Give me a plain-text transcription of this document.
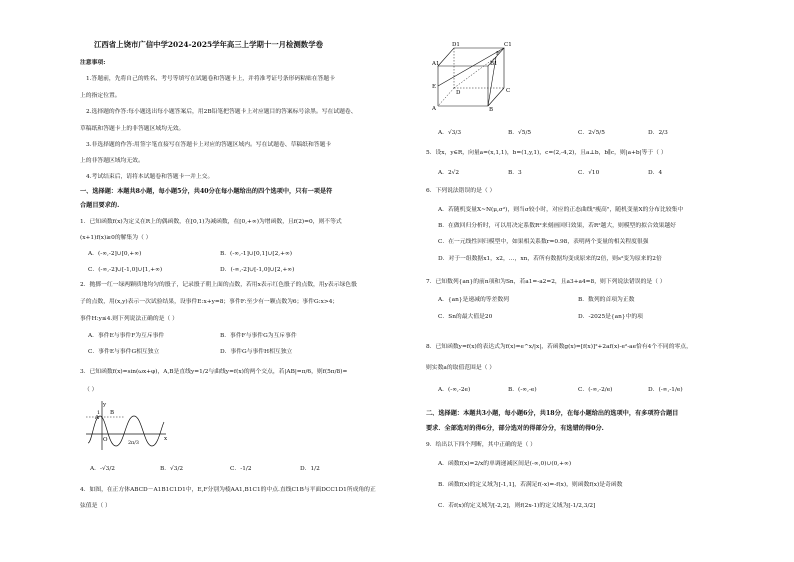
江西省上饶市广信中学2024-2025学年高三上学期十一月检测数学卷
注意事项:
1.答题前，先将自己的姓名、考号等填写在试题卷和答题卡上，并将准考证号条形码粘贴在答题卡
上的指定位置。
2.选择题的作答:每小题选出每小题答案后，用2B铅笔把答题卡上对应题目的答案标号涂黑。写在试题卷、
草稿纸和答题卡上的非答题区域均无效。
3.非选择题的作答:用签字笔直接写在答题卡上对应的答题区域内。写在试题卷、草稿纸和答题卡
上的非答题区域均无效。
4.考试结束后，请将本试题卷和答题卡一并上交。
一、选择题：本题共8小题，每小题5分，共40分在每小题给出的四个选项中，只有一项是符
合题目要求的.
1．已知函数f(x)为定义在R上的偶函数，在[0,1)为减函数，在[0,+∞)为增函数，且f(2)=0，则不等式
(x+1)f(x)≥0的解集为（ ）
A．(-∞,-2]∪[0,+∞)	B．(-∞,-1]∪[0,1]∪[2,+∞)
C．(-∞,-2]∪[-1,0]∪[1,+∞)	D．(-∞,-2]∪[-1,0]∪[2,+∞)
2．抛掷一红一绿两颗质地均匀的骰子，记录骰子朝上面的点数，若用x表示红色骰子的点数，用y表示绿色骰
子的点数，用(x,y)表示一次试验结果，设事件E:x+y=8；事件F:至少有一颗点数为6；事件G:x>4；
事件H:y≤4.则下列说法正确的是（ ）
A．事件E与事件F为互斥事件	B．事件F与事件G为互斥事件
C．事件E与事件G相互独立	D．事件G与事件H相互独立
3．已知函数f(x)=sin(ωx+φ)，A,B是直线y=1/2与曲线y=f(x)的两个交点，若|AB|=π/6，则f(5π/8)=
（ ）
y
x
O
A
B
1
2π/3
A．-√3/2	B．√3/2	C．-1/2	D．1/2
4．如图，在正方体ABCD－A1B1C1D1中，E,F分别为棱AA1,B1C1的中点.直线C1B与平面DCC1D1所成角的正
弦值是（ ）
D1	C1
A1	B1
F
E
D	C
A	B
A．√3/3	B．√5/5	C．2√5/5	D．2/3
5．设x，y∈R，向量a=(x,1,1)，b=(1,y,1)，c=(2,-4,2)，且a⊥b，b∥c，则|a+b|等于（ ）
A．2√2	B．3	C．√10	D．4
6．下列说法错误的是（ ）
A．若随机变量X~N(μ,σ²)，则当σ较小时，对应的正态曲线"瘦高"，随机变量X的分布比较集中
B．在做回归分析时，可以用决定系数R²来刻画回归效果，若R²越大，则模型的拟合效果越好
C．在一元线性回归模型中，如果相关系数r=0.98，表明两个变量的相关程度很强
D．对于一组数据x1，x2，…，xn，若所有数据均变成原来的2倍，则s²变为原来的2倍
7．已知数列{an}的前n项和为Sn，若a1=-a2=2，且a3+a4=8，则下列说法错误的是（ ）
A．{an}是递减的等差数列	B．数列的首项为正数
C．Sn的最大值是20	D．-2025是{an}中的项
8．已知函数y=f(x)的表达式为f(x)=e^x/|x|，若函数g(x)=[f(x)]²+2af(x)-e²-ae恰有4个不同的零点，
则实数a的取值范围是（ ）
A．(-∞,-2e)	B．(-∞,-e)	C．(-∞,-2/e)	D．(-∞,-1/e)
二、选择题：本题共3小题，每小题6分，共18分，在每小题给出的选项中，有多项符合题目
要求．全部选对的得6分，部分选对的得部分分，有选错的得0分.
9．给出以下四个判断，其中正确的是（ ）
A．函数f(x)=2/x的单调递减区间是(-∞,0)∪(0,+∞)
B．函数f(x)的定义域为[-1,1]，若满足f(-x)=-f(x)，则函数f(x)是奇函数
C．若f(x)的定义域为[-2,2]，则f(2x-1)的定义域为[-1/2,3/2]
